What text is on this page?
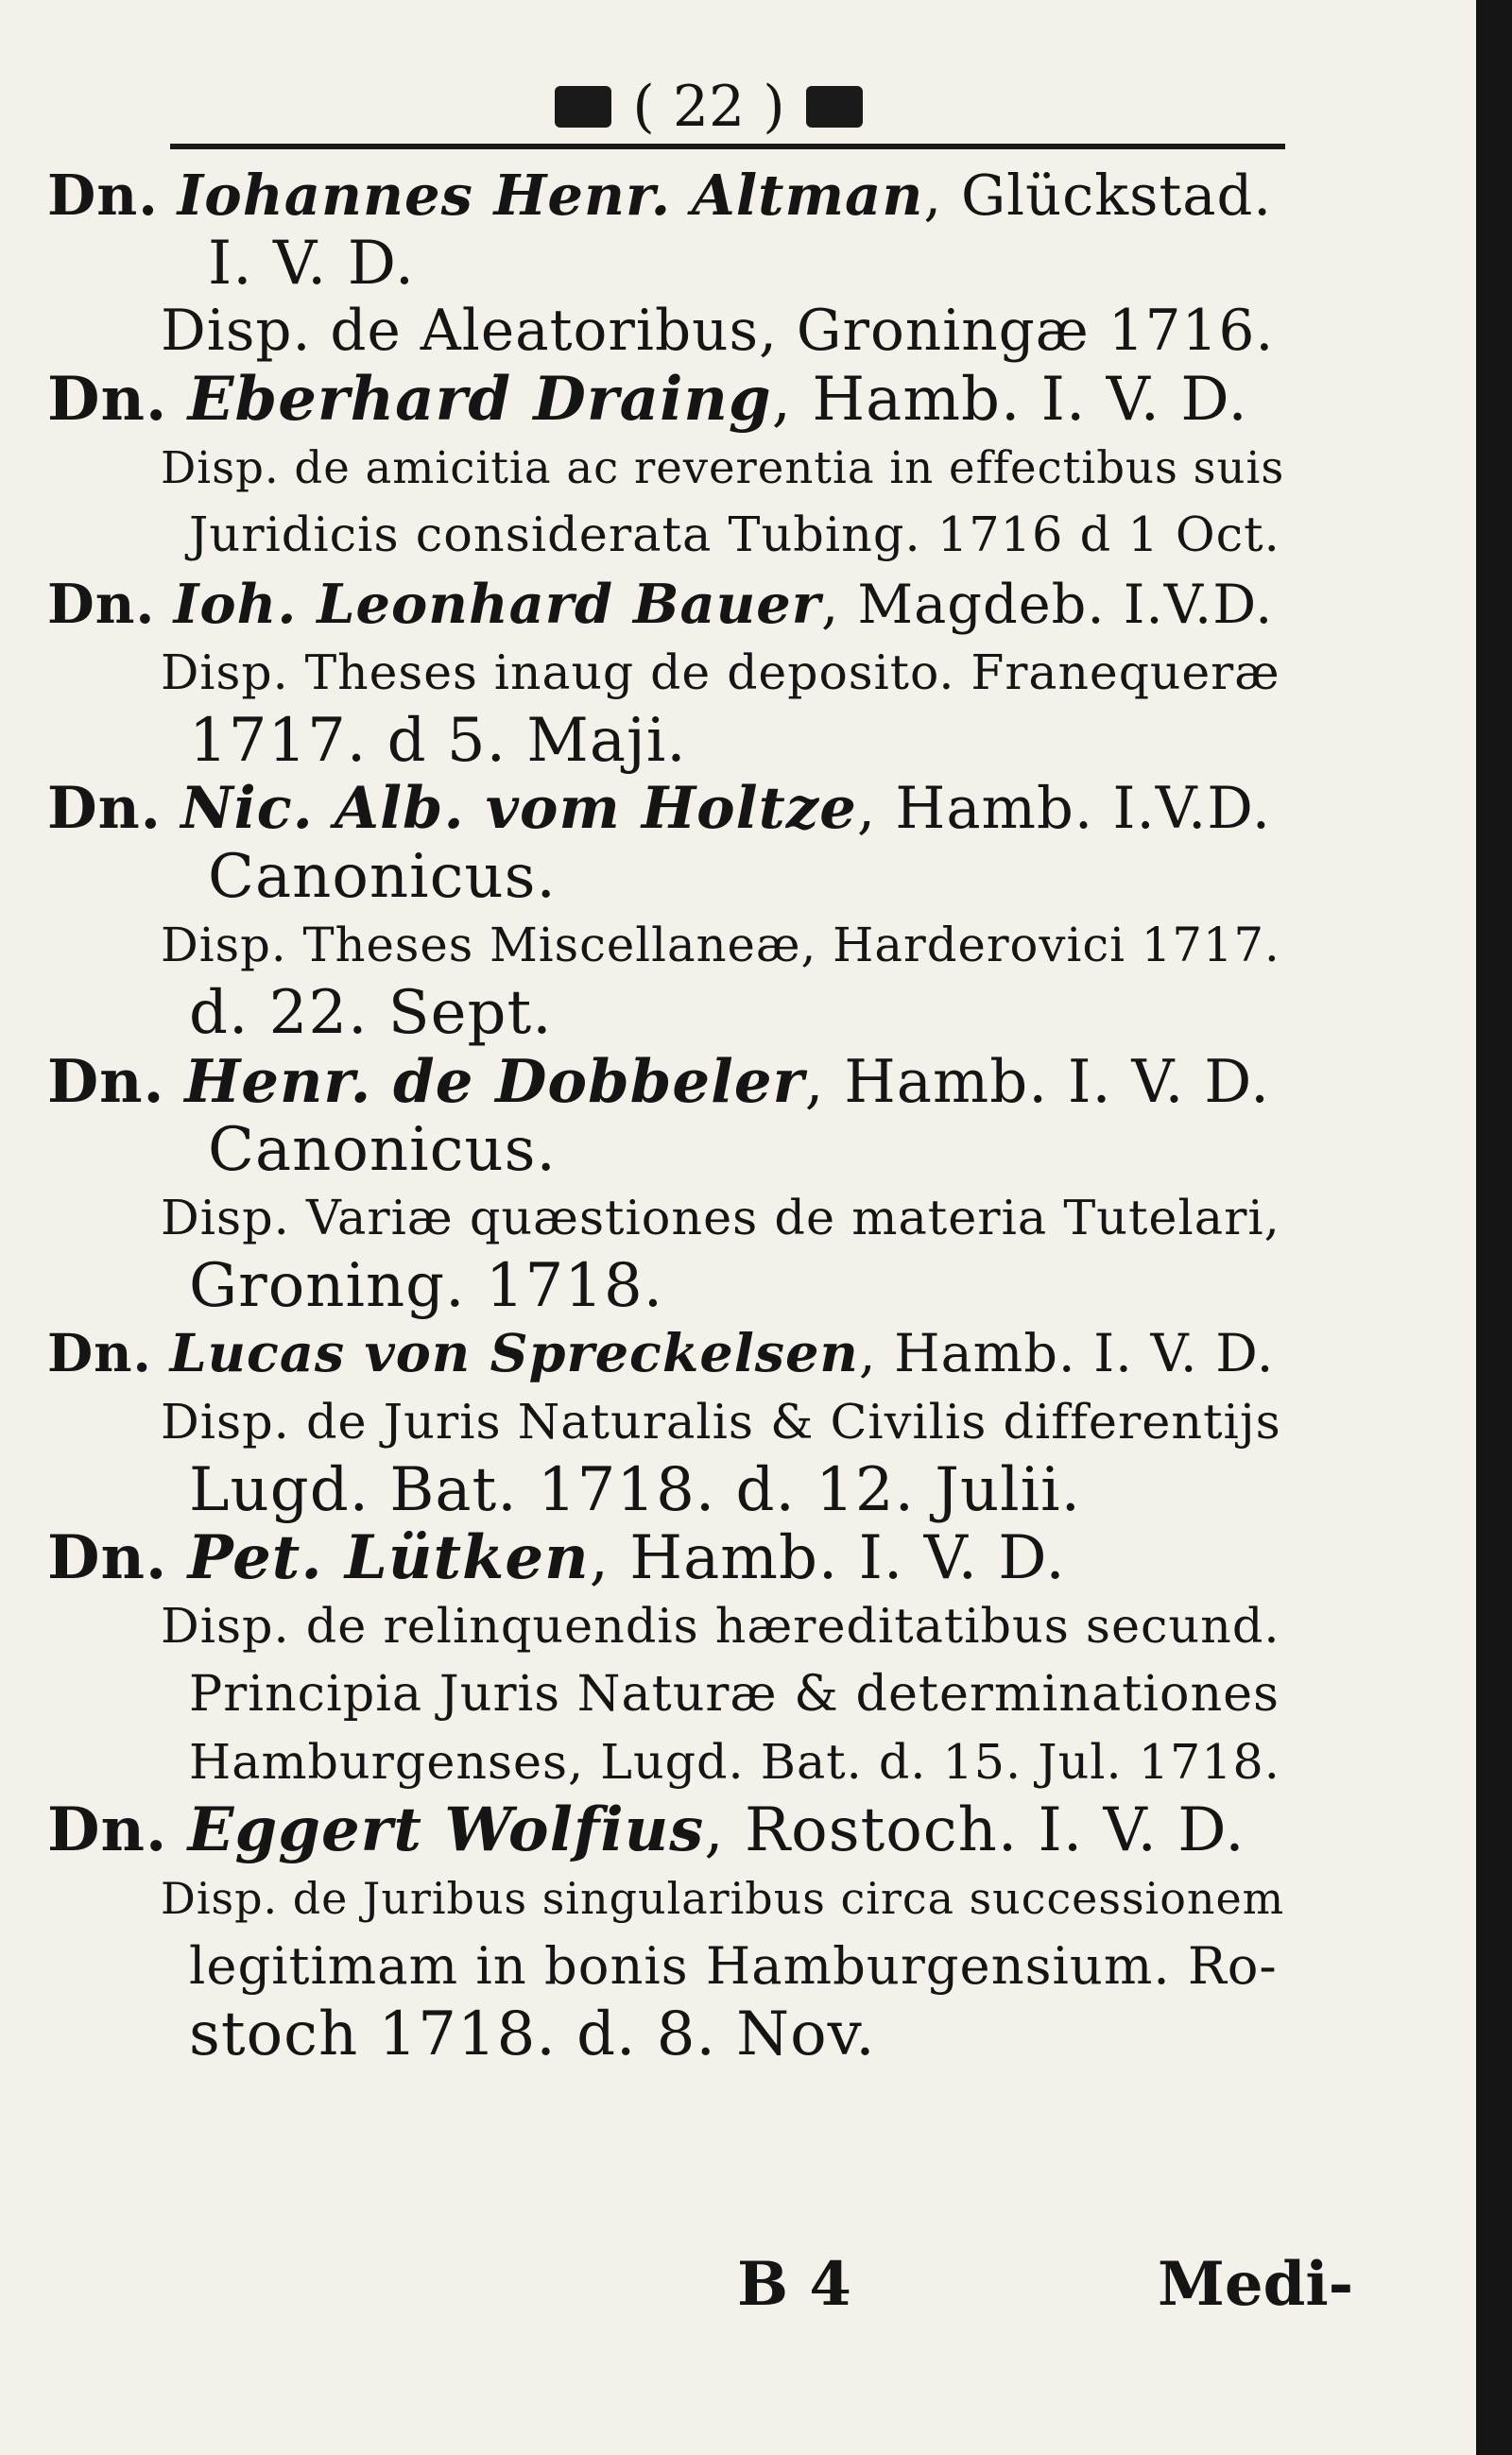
( 22 )
Dn. Iohannes Henr. Altman, Glückstad.
I. V. D.
Disp. de Aleatoribus, Groningæ 1716.
Dn. Eberhard Draing, Hamb. I. V. D.
Disp. de amicitia ac reverentia in effectibus suis
Juridicis considerata Tubing. 1716 d 1 Oct.
Dn. Ioh. Leonhard Bauer, Magdeb. I.V.D.
Disp. Theses inaug de deposito. Franequeræ
1717. d 5. Maji.
Dn. Nic. Alb. vom Holtze, Hamb. I.V.D.
Canonicus.
Disp. Theses Miscellaneæ, Harderovici 1717.
d. 22. Sept.
Dn. Henr. de Dobbeler, Hamb. I. V. D.
Canonicus.
Disp. Variæ quæstiones de materia Tutelari,
Groning. 1718.
Dn. Lucas von Spreckelsen, Hamb. I. V. D.
Disp. de Juris Naturalis & Civilis differentijs
Lugd. Bat. 1718. d. 12. Julii.
Dn. Pet. Lütken, Hamb. I. V. D.
Disp. de relinquendis hæreditatibus secund.
Principia Juris Naturæ & determinationes
Hamburgenses, Lugd. Bat. d. 15. Jul. 1718.
Dn. Eggert Wolfius, Rostoch. I. V. D.
Disp. de Juribus singularibus circa successionem
legitimam in bonis Hamburgensium. Ro-
stoch 1718. d. 8. Nov.
B 4	Medi-
